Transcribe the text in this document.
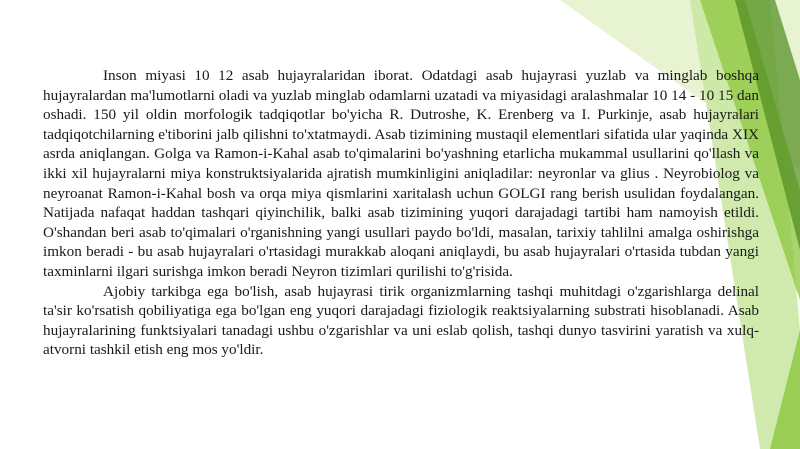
Inson miyasi 10 12 asab hujayralaridan iborat. Odatdagi asab hujayrasi yuzlab va minglab boshqa hujayralardan ma'lumotlarni oladi va yuzlab minglab odamlarni uzatadi va miyasidagi aralashmalar 10 14 - 10 15 dan oshadi. 150 yil oldin morfologik tadqiqotlar bo'yicha R. Dutroshe, K. Erenberg va I. Purkinje, asab hujayralari tadqiqotchilarning e'tiborini jalb qilishni to'xtatmaydi. Asab tizimining mustaqil elementlari sifatida ular yaqinda XIX asrda aniqlangan. Golga va Ramon-i-Kahal asab to'qimalarini bo'yashning etarlicha mukammal usullarini qo'llash va ikki xil hujayralarni miya konstruktsiyalarida ajratish mumkinligini aniqladilar: neyronlar va glius . Neyrobiolog va neyroanat Ramon-i-Kahal bosh va orqa miya qismlarini xaritalash uchun GOLGI rang berish usulidan foydalangan. Natijada nafaqat haddan tashqari qiyinchilik, balki asab tizimining yuqori darajadagi tartibi ham namoyish etildi. O'shandan beri asab to'qimalari o'rganishning yangi usullari paydo bo'ldi, masalan, tarixiy tahlilni amalga oshirishga imkon beradi - bu asab hujayralari o'rtasidagi murakkab aloqani aniqlaydi, bu asab hujayralari o'rtasida tubdan yangi taxminlarni ilgari surishga imkon beradi Neyron tizimlari qurilishi to'g'risida.

Ajobiy tarkibga ega bo'lish, asab hujayrasi tirik organizmlarning tashqi muhitdagi o'zgarishlarga delinal ta'sir ko'rsatish qobiliyatiga ega bo'lgan eng yuqori darajadagi fiziologik reaktsiyalarning substrati hisoblanadi. Asab hujayralarining funktsiyalari tanadagi ushbu o'zgarishlar va uni eslab qolish, tashqi dunyo tasvirini yaratish va xulq-atvorni tashkil etish eng mos yo'ldir.
